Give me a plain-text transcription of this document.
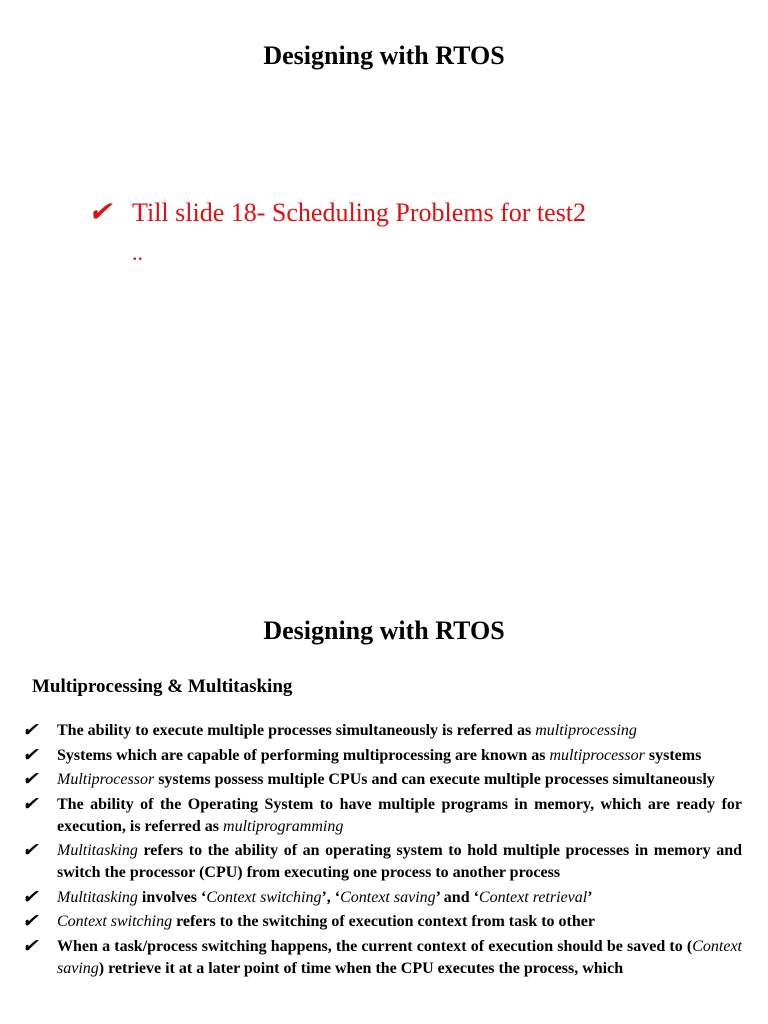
Designing with RTOS
✔ Till slide 18- Scheduling Problems for test2
..
Designing with RTOS
Multiprocessing & Multitasking
✔ The ability to execute multiple processes simultaneously is referred as multiprocessing
✔ Systems which are capable of performing multiprocessing are known as multiprocessor systems
✔ Multiprocessor systems possess multiple CPUs and can execute multiple processes simultaneously
✔ The ability of the Operating System to have multiple programs in memory, which are ready for execution, is referred as multiprogramming
✔ Multitasking refers to the ability of an operating system to hold multiple processes in memory and switch the processor (CPU) from executing one process to another process
✔ Multitasking involves ‘Context switching’, ‘Context saving’ and ‘Context retrieval’
✔ Context switching refers to the switching of execution context from task to other
✔ When a task/process switching happens, the current context of execution should be saved to (Context saving) retrieve it at a later point of time when the CPU executes the process, which
